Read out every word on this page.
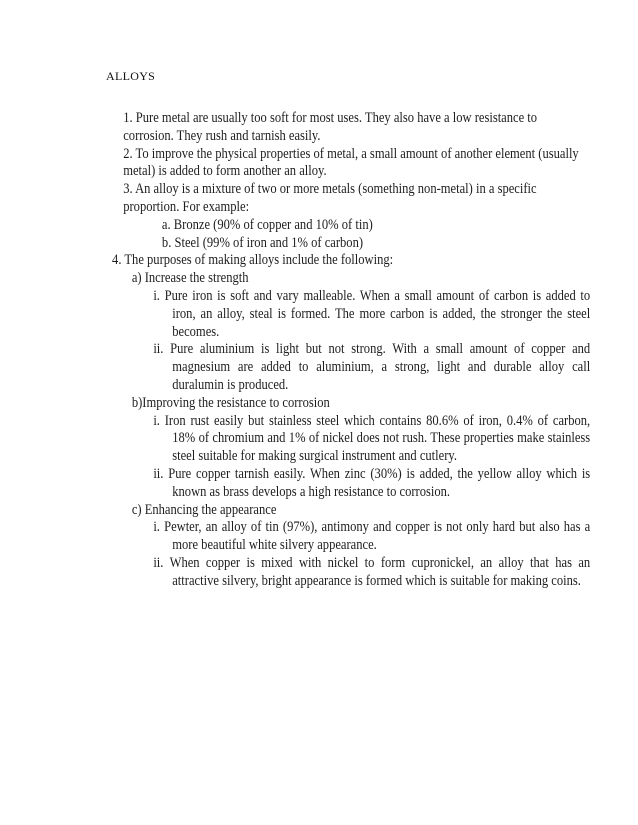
ALLOYS

1. Pure metal are usually too soft for most uses. They also have a low resistance to corrosion. They rush and tarnish easily.

2. To improve the physical properties of metal, a small amount of another element (usually metal) is added to form another an alloy.

3. An alloy is a mixture of two or more metals (something non-metal) in a specific proportion. For example:

a. Bronze (90% of copper and 10% of tin)

b. Steel (99% of iron and 1% of carbon)

4. The purposes of making alloys include the following:

a) Increase the strength

i. Pure iron is soft and vary malleable. When a small amount of carbon is added to iron, an alloy, steal is formed. The more carbon is added, the stronger the steel becomes.

ii. Pure aluminium is light but not strong. With a small amount of copper and magnesium are added to aluminium, a strong, light and durable alloy call duralumin is produced.

b)Improving the resistance to corrosion

i. Iron rust easily but stainless steel which contains 80.6% of iron, 0.4% of carbon, 18% of chromium and 1% of nickel does not rush. These properties make stainless steel suitable for making surgical instrument and cutlery.

ii. Pure copper tarnish easily. When zinc (30%) is added, the yellow alloy which is known as brass develops a high resistance to corrosion.

c) Enhancing the appearance

i. Pewter, an alloy of tin (97%), antimony and copper is not only hard but also has a more beautiful white silvery appearance.

ii. When copper is mixed with nickel to form cupronickel, an alloy that has an attractive silvery, bright appearance is formed which is suitable for making coins.
